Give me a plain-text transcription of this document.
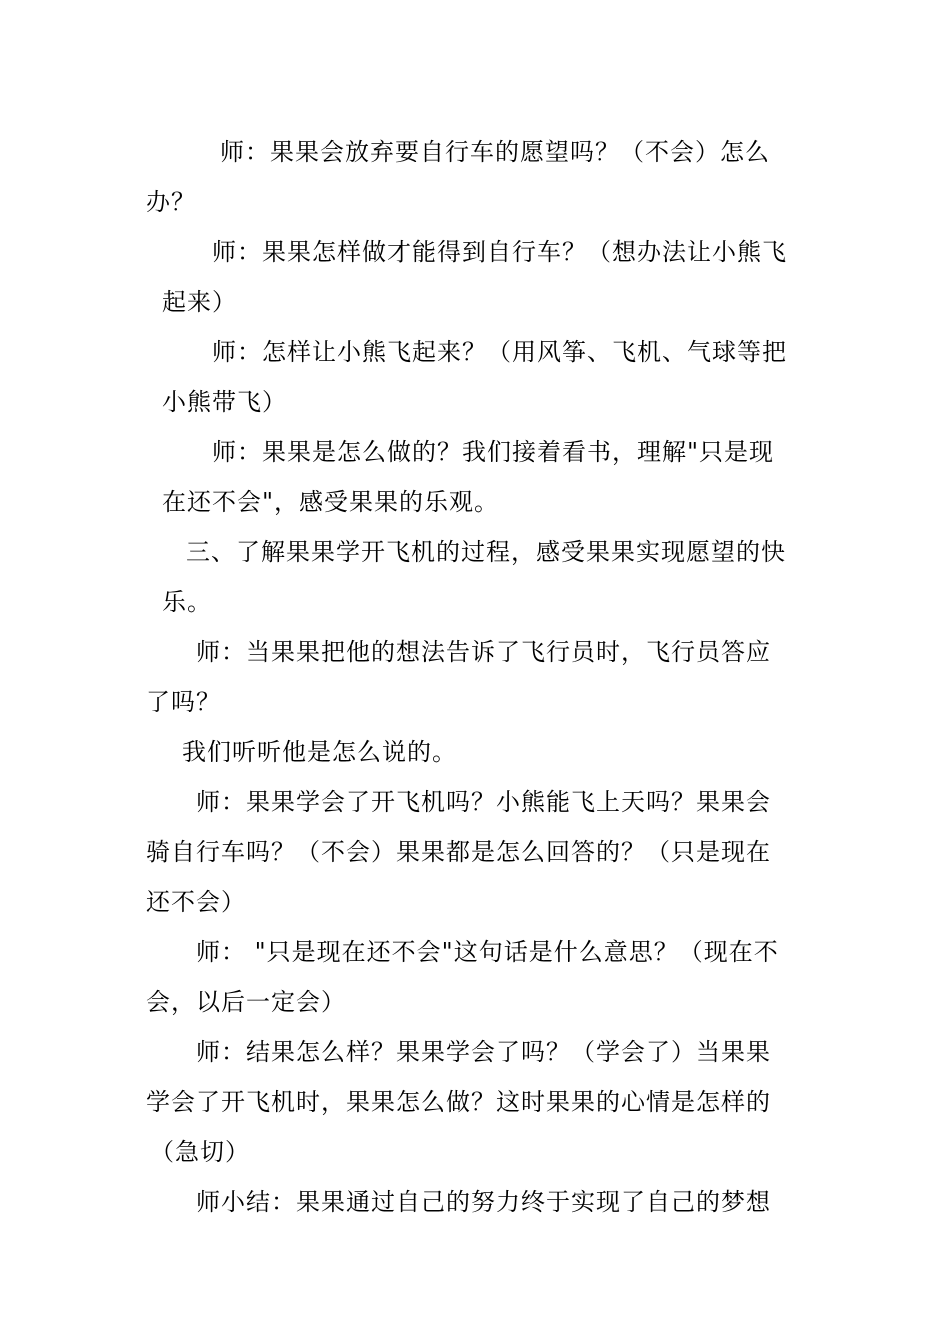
师：果果会放弃要自行车的愿望吗？（不会）怎么
办？
师：果果怎样做才能得到自行车？（想办法让小熊飞
起来）
师：怎样让小熊飞起来？（用风筝、飞机、气球等把
小熊带飞）
师：果果是怎么做的？我们接着看书，理解"只是现
在还不会"，感受果果的乐观。
三、了解果果学开飞机的过程，感受果果实现愿望的快
乐。
师：当果果把他的想法告诉了飞行员时，飞行员答应
了吗？
我们听听他是怎么说的。
师：果果学会了开飞机吗？小熊能飞上天吗？果果会
骑自行车吗？（不会）果果都是怎么回答的？（只是现在
还不会）
师： "只是现在还不会"这句话是什么意思？（现在不
会，以后一定会）
师：结果怎么样？果果学会了吗？（学会了）当果果
学会了开飞机时，果果怎么做？这时果果的心情是怎样的
（急切）
师小结：果果通过自己的努力终于实现了自己的梦想
